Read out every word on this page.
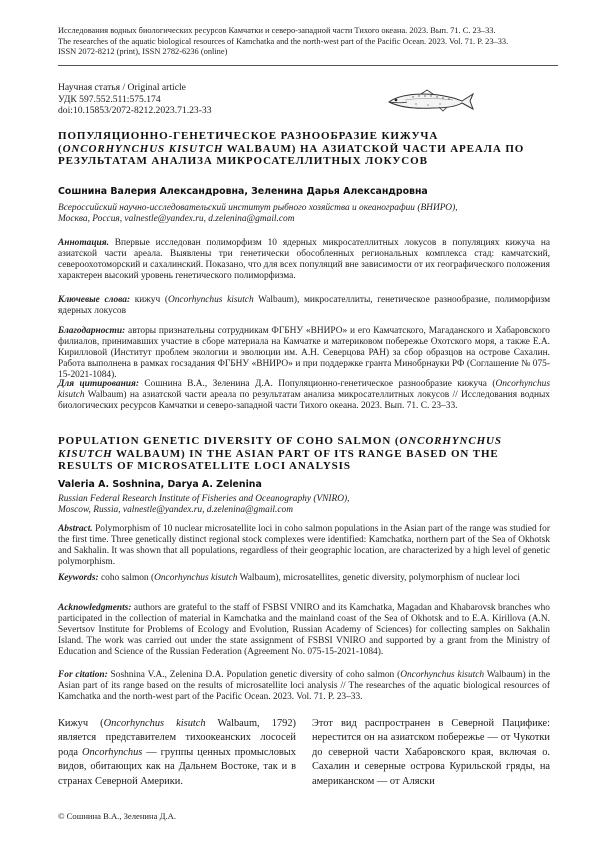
Исследования водных биологических ресурсов Камчатки и северо-западной части Тихого океана. 2023. Вып. 71. С. 23–33.
The researches of the aquatic biological resources of Kamchatka and the north-west part of the Pacific Ocean. 2023. Vol. 71. P. 23–33.
ISSN 2072-8212 (print), ISSN 2782-6236 (online)
Научная статья / Original article
УДК 597.552.511:575.174
doi:10.15853/2072-8212.2023.71.23-33
ПОПУЛЯЦИОННО-ГЕНЕТИЧЕСКОЕ РАЗНООБРАЗИЕ КИЖУЧА (ONCORHYNCHUS KISUTCH WALBAUM) НА АЗИАТСКОЙ ЧАСТИ АРЕАЛА ПО РЕЗУЛЬТАТАМ АНАЛИЗА МИКРОСАТЕЛЛИТНЫХ ЛОКУСОВ
Сошнина Валерия Александровна, Зеленина Дарья Александровна
Всероссийский научно-исследовательский институт рыбного хозяйства и океанографии (ВНИРО),
Москва, Россия, valnestle@yandex.ru, d.zelenina@gmail.com
Аннотация. Впервые исследован полиморфизм 10 ядерных микросателлитных локусов в популяциях кижуча на азиатской части ареала. Выявлены три генетически обособленных региональных комплекса стад: камчатский, североохотоморский и сахалинский. Показано, что для всех популяций вне зависимости от их географического положения характерен высокий уровень генетического полиморфизма.
Ключевые слова: кижуч (Oncorhynchus kisutch Walbaum), микросателлиты, генетическое разнообразие, полиморфизм ядерных локусов
Благодарности: авторы признательны сотрудникам ФГБНУ «ВНИРО» и его Камчатского, Магаданского и Хабаровского филиалов, принимавших участие в сборе материала на Камчатке и материковом побережье Охотского моря, а также Е.А. Кирилловой (Институт проблем экологии и эволюции им. А.Н. Северцова РАН) за сбор образцов на острове Сахалин. Работа выполнена в рамках госзадания ФГБНУ «ВНИРО» и при поддержке гранта Минобрнауки РФ (Соглашение № 075-15-2021-1084).
Для цитирования: Сошнина В.А., Зеленина Д.А. Популяционно-генетическое разнообразие кижуча (Oncorhynchus kisutch Walbaum) на азиатской части ареала по результатам анализа микросателлитных локусов // Исследования водных биологических ресурсов Камчатки и северо-западной части Тихого океана. 2023. Вып. 71. С. 23–33.
POPULATION GENETIC DIVERSITY OF COHO SALMON (ONCORHYNCHUS KISUTCH WALBAUM) IN THE ASIAN PART OF ITS RANGE BASED ON THE RESULTS OF MICROSATELLITE LOCI ANALYSIS
Valeria A. Soshnina, Darya A. Zelenina
Russian Federal Research Institute of Fisheries and Oceanography (VNIRO),
Moscow, Russia, valnestle@yandex.ru, d.zelenina@gmail.com
Abstract. Polymorphism of 10 nuclear microsatellite loci in coho salmon populations in the Asian part of the range was studied for the first time. Three genetically distinct regional stock complexes were identified: Kamchatka, northern part of the Sea of Okhotsk and Sakhalin. It was shown that all populations, regardless of their geographic location, are characterized by a high level of genetic polymorphism.
Keywords: coho salmon (Oncorhynchus kisutch Walbaum), microsatellites, genetic diversity, polymorphism of nuclear loci
Acknowledgments: authors are grateful to the staff of FSBSI VNIRO and its Kamchatka, Magadan and Khabarovsk branches who participated in the collection of material in Kamchatka and the mainland coast of the Sea of Okhotsk and to E.A. Kirillova (A.N. Severtsov Institute for Problems of Ecology and Evolution, Russian Academy of Sciences) for collecting samples on Sakhalin Island. The work was carried out under the state assignment of FSBSI VNIRO and supported by a grant from the Ministry of Education and Science of the Russian Federation (Agreement No. 075-15-2021-1084).
For citation: Soshnina V.A., Zelenina D.A. Population genetic diversity of coho salmon (Oncorhynchus kisutch Walbaum) in the Asian part of its range based on the results of microsatellite loci analysis // The researches of the aquatic biological resources of Kamchatka and the north-west part of the Pacific Ocean. 2023. Vol. 71. P. 23–33.
Кижуч (Oncorhynchus kisutch Walbaum, 1792) является представителем тихоокеанских лососей рода Oncorhynchus — группы ценных промысловых видов, обитающих как на Дальнем Востоке, так и в странах Северной Америки.
Этот вид распространен в Северной Пацифике: нерестится он на азиатском побережье — от Чукотки до северной части Хабаровского края, включая о. Сахалин и северные острова Курильской гряды, на американском — от Аляски
© Сошнина В.А., Зеленина Д.А.
